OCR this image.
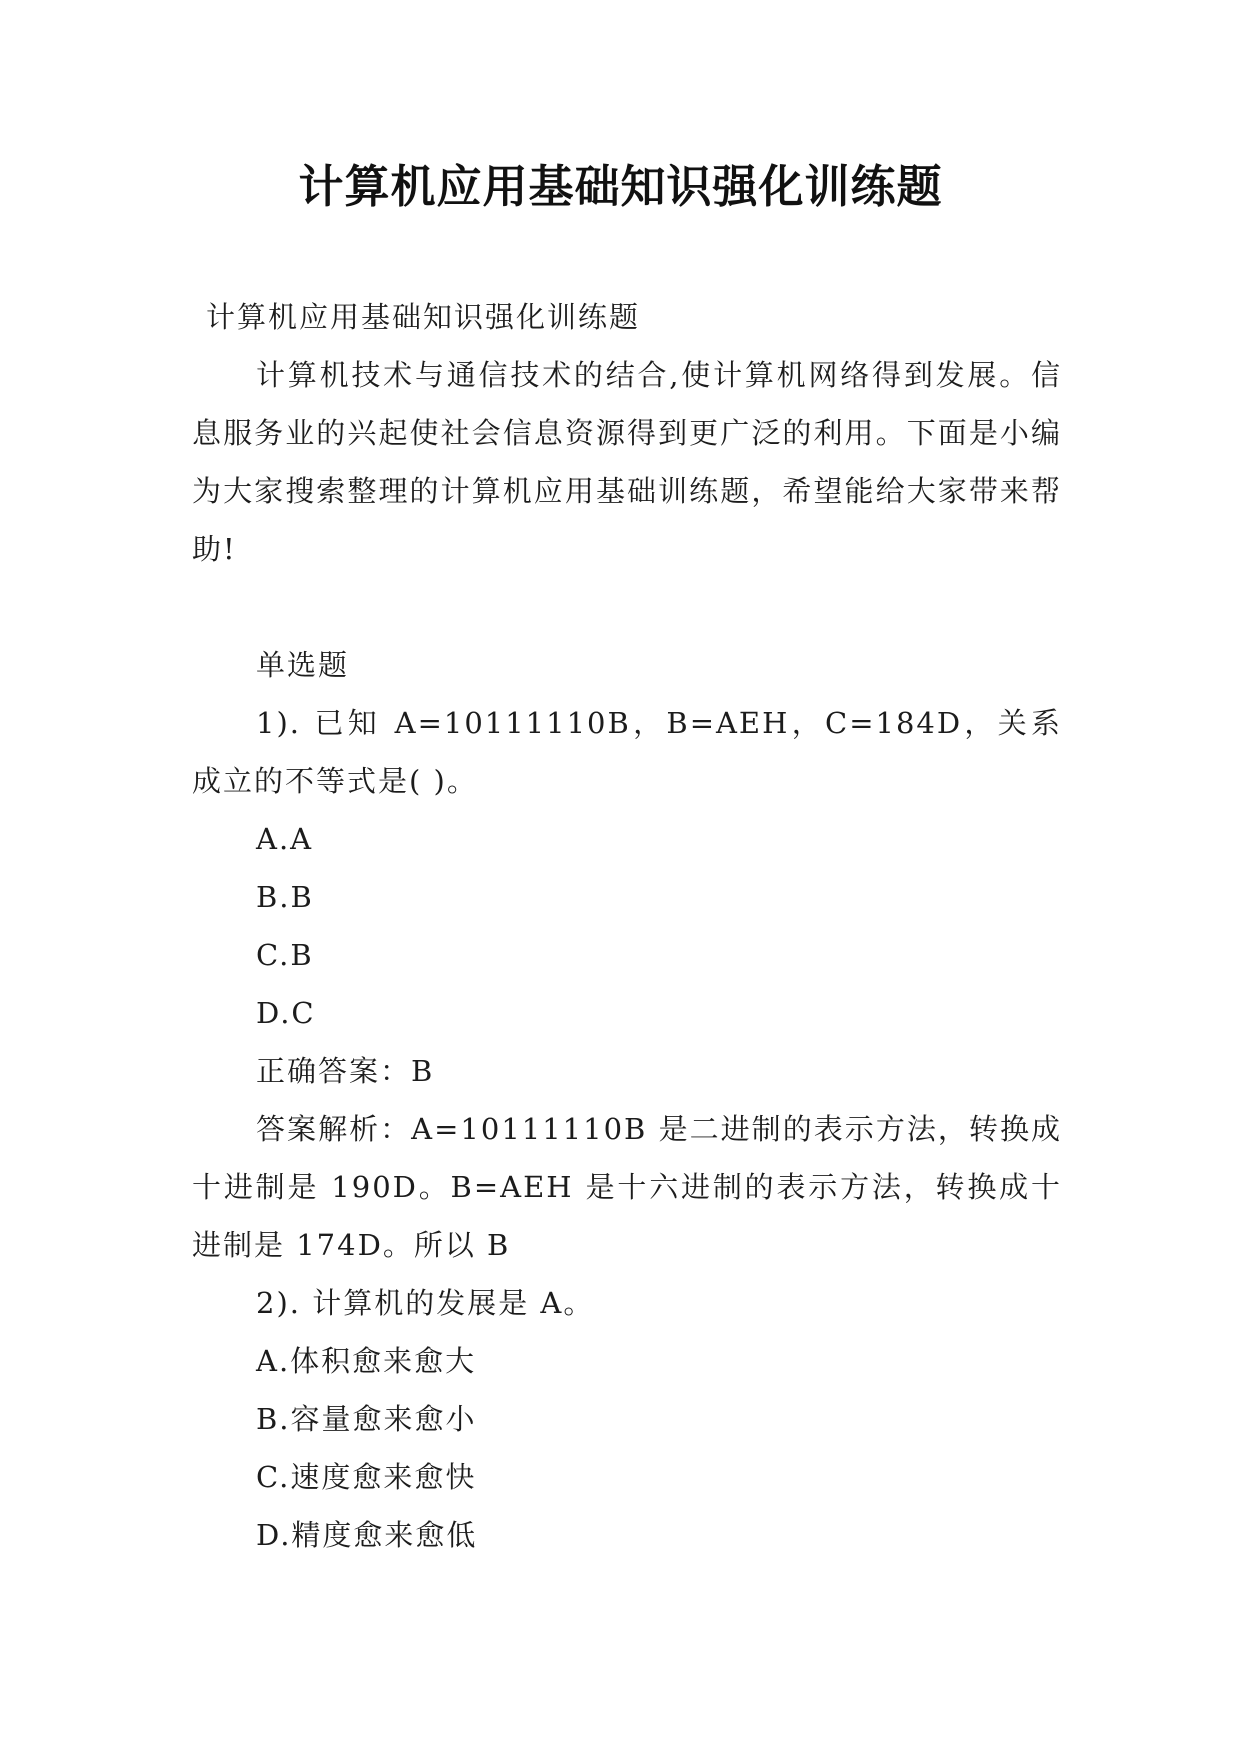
计算机应用基础知识强化训练题

计算机应用基础知识强化训练题

计算机技术与通信技术的结合,使计算机网络得到发展。信息服务业的兴起使社会信息资源得到更广泛的利用。下面是小编为大家搜索整理的计算机应用基础训练题，希望能给大家带来帮助!

单选题

1). 已知 A=10111110B，B=AEH，C=184D，关系成立的不等式是( )。

A.A

B.B

C.B

D.C

正确答案：B

答案解析：A=10111110B 是二进制的表示方法，转换成十进制是 190D。B=AEH 是十六进制的表示方法，转换成十进制是 174D。所以 B

2). 计算机的发展是 A。

A.体积愈来愈大

B.容量愈来愈小

C.速度愈来愈快

D.精度愈来愈低
